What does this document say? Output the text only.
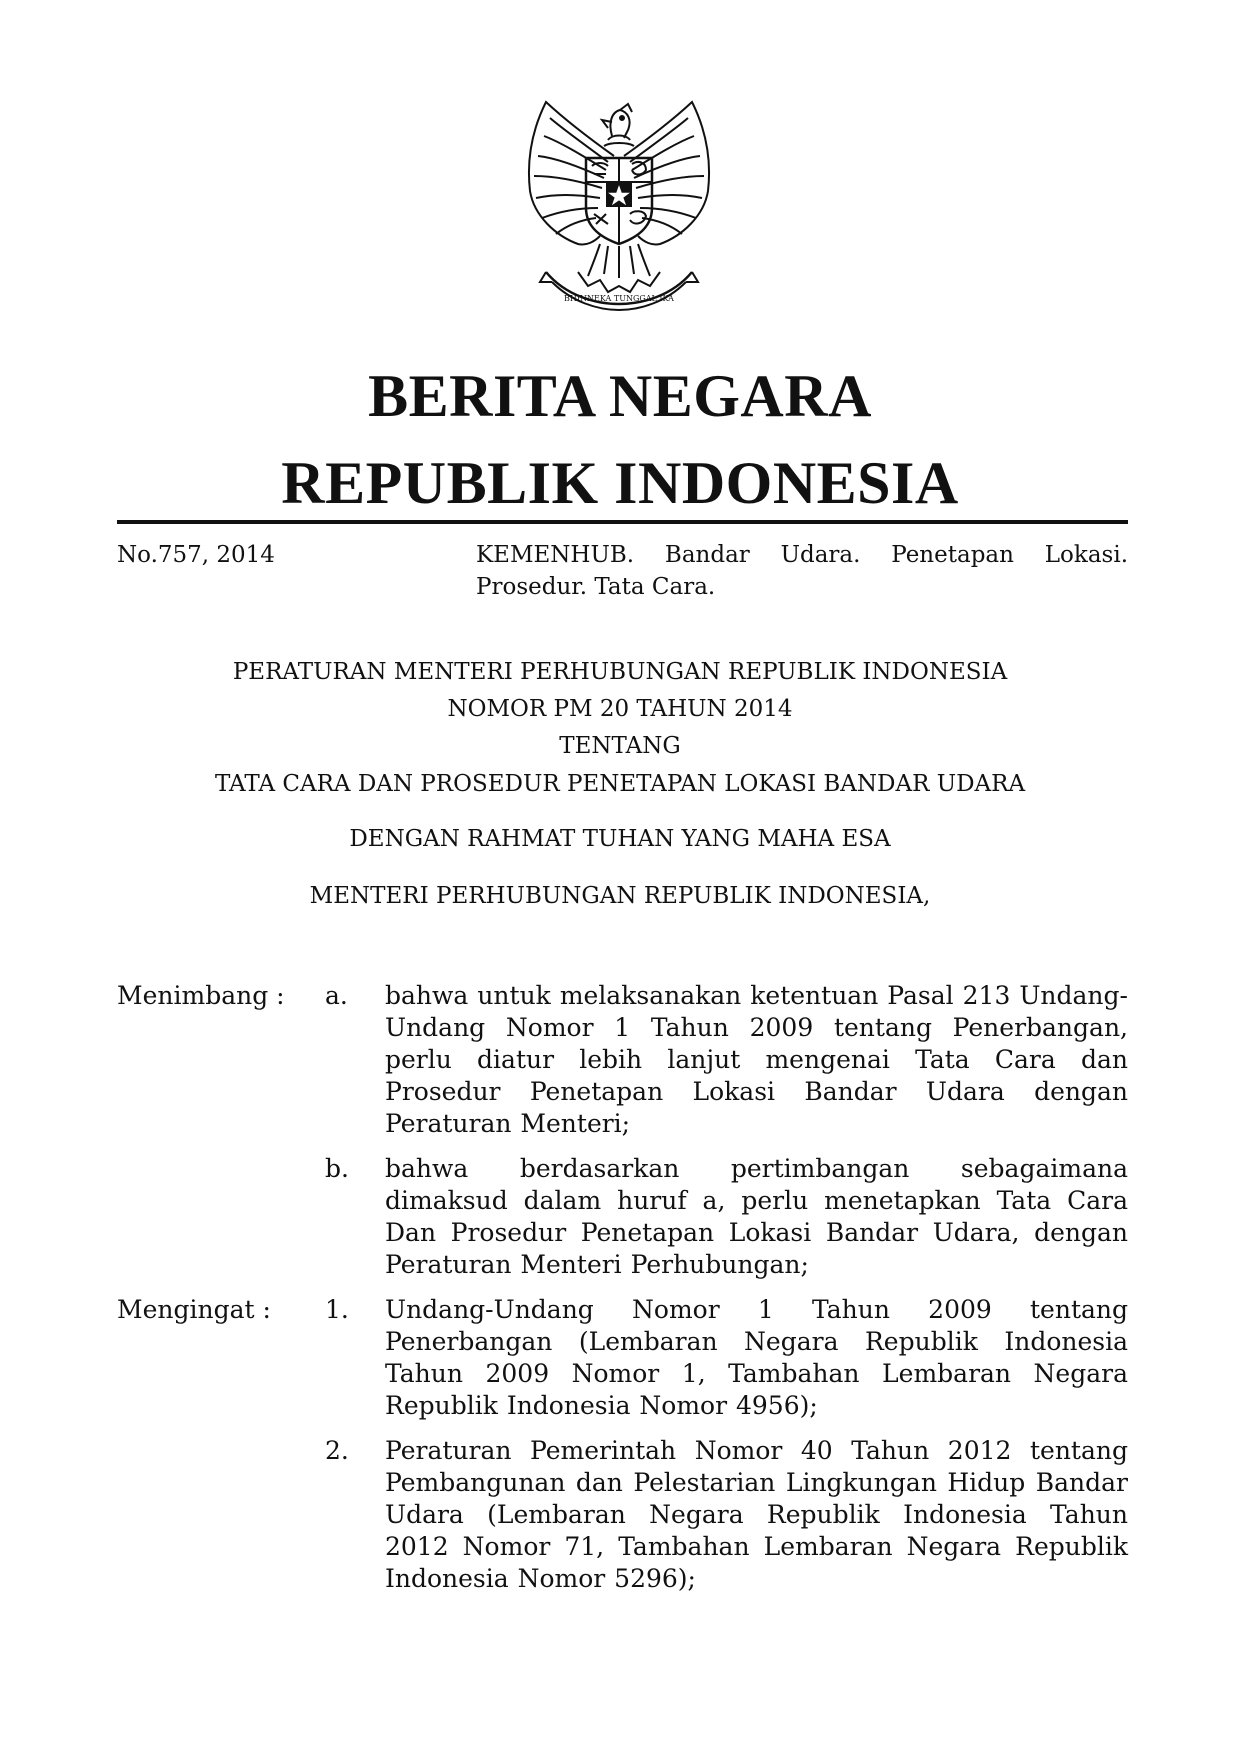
BHINNEKA TUNGGAL IKA
BERITA NEGARA
REPUBLIK INDONESIA
No.757, 2014	KEMENHUB. Bandar Udara. Penetapan Lokasi. Prosedur. Tata Cara.
PERATURAN MENTERI PERHUBUNGAN REPUBLIK INDONESIA
NOMOR PM 20 TAHUN 2014
TENTANG
TATA CARA DAN PROSEDUR PENETAPAN LOKASI BANDAR UDARA
DENGAN RAHMAT TUHAN YANG MAHA ESA
MENTERI PERHUBUNGAN REPUBLIK INDONESIA,
Menimbang : a. bahwa untuk melaksanakan ketentuan Pasal 213 Undang-Undang Nomor 1 Tahun 2009 tentang Penerbangan, perlu diatur lebih lanjut mengenai Tata Cara dan Prosedur Penetapan Lokasi Bandar Udara dengan Peraturan Menteri;
b. bahwa berdasarkan pertimbangan sebagaimana dimaksud dalam huruf a, perlu menetapkan Tata Cara Dan Prosedur Penetapan Lokasi Bandar Udara, dengan Peraturan Menteri Perhubungan;
Mengingat : 1. Undang-Undang Nomor 1 Tahun 2009 tentang Penerbangan (Lembaran Negara Republik Indonesia Tahun 2009 Nomor 1, Tambahan Lembaran Negara Republik Indonesia Nomor 4956);
2. Peraturan Pemerintah Nomor 40 Tahun 2012 tentang Pembangunan dan Pelestarian Lingkungan Hidup Bandar Udara (Lembaran Negara Republik Indonesia Tahun 2012 Nomor 71, Tambahan Lembaran Negara Republik Indonesia Nomor 5296);
